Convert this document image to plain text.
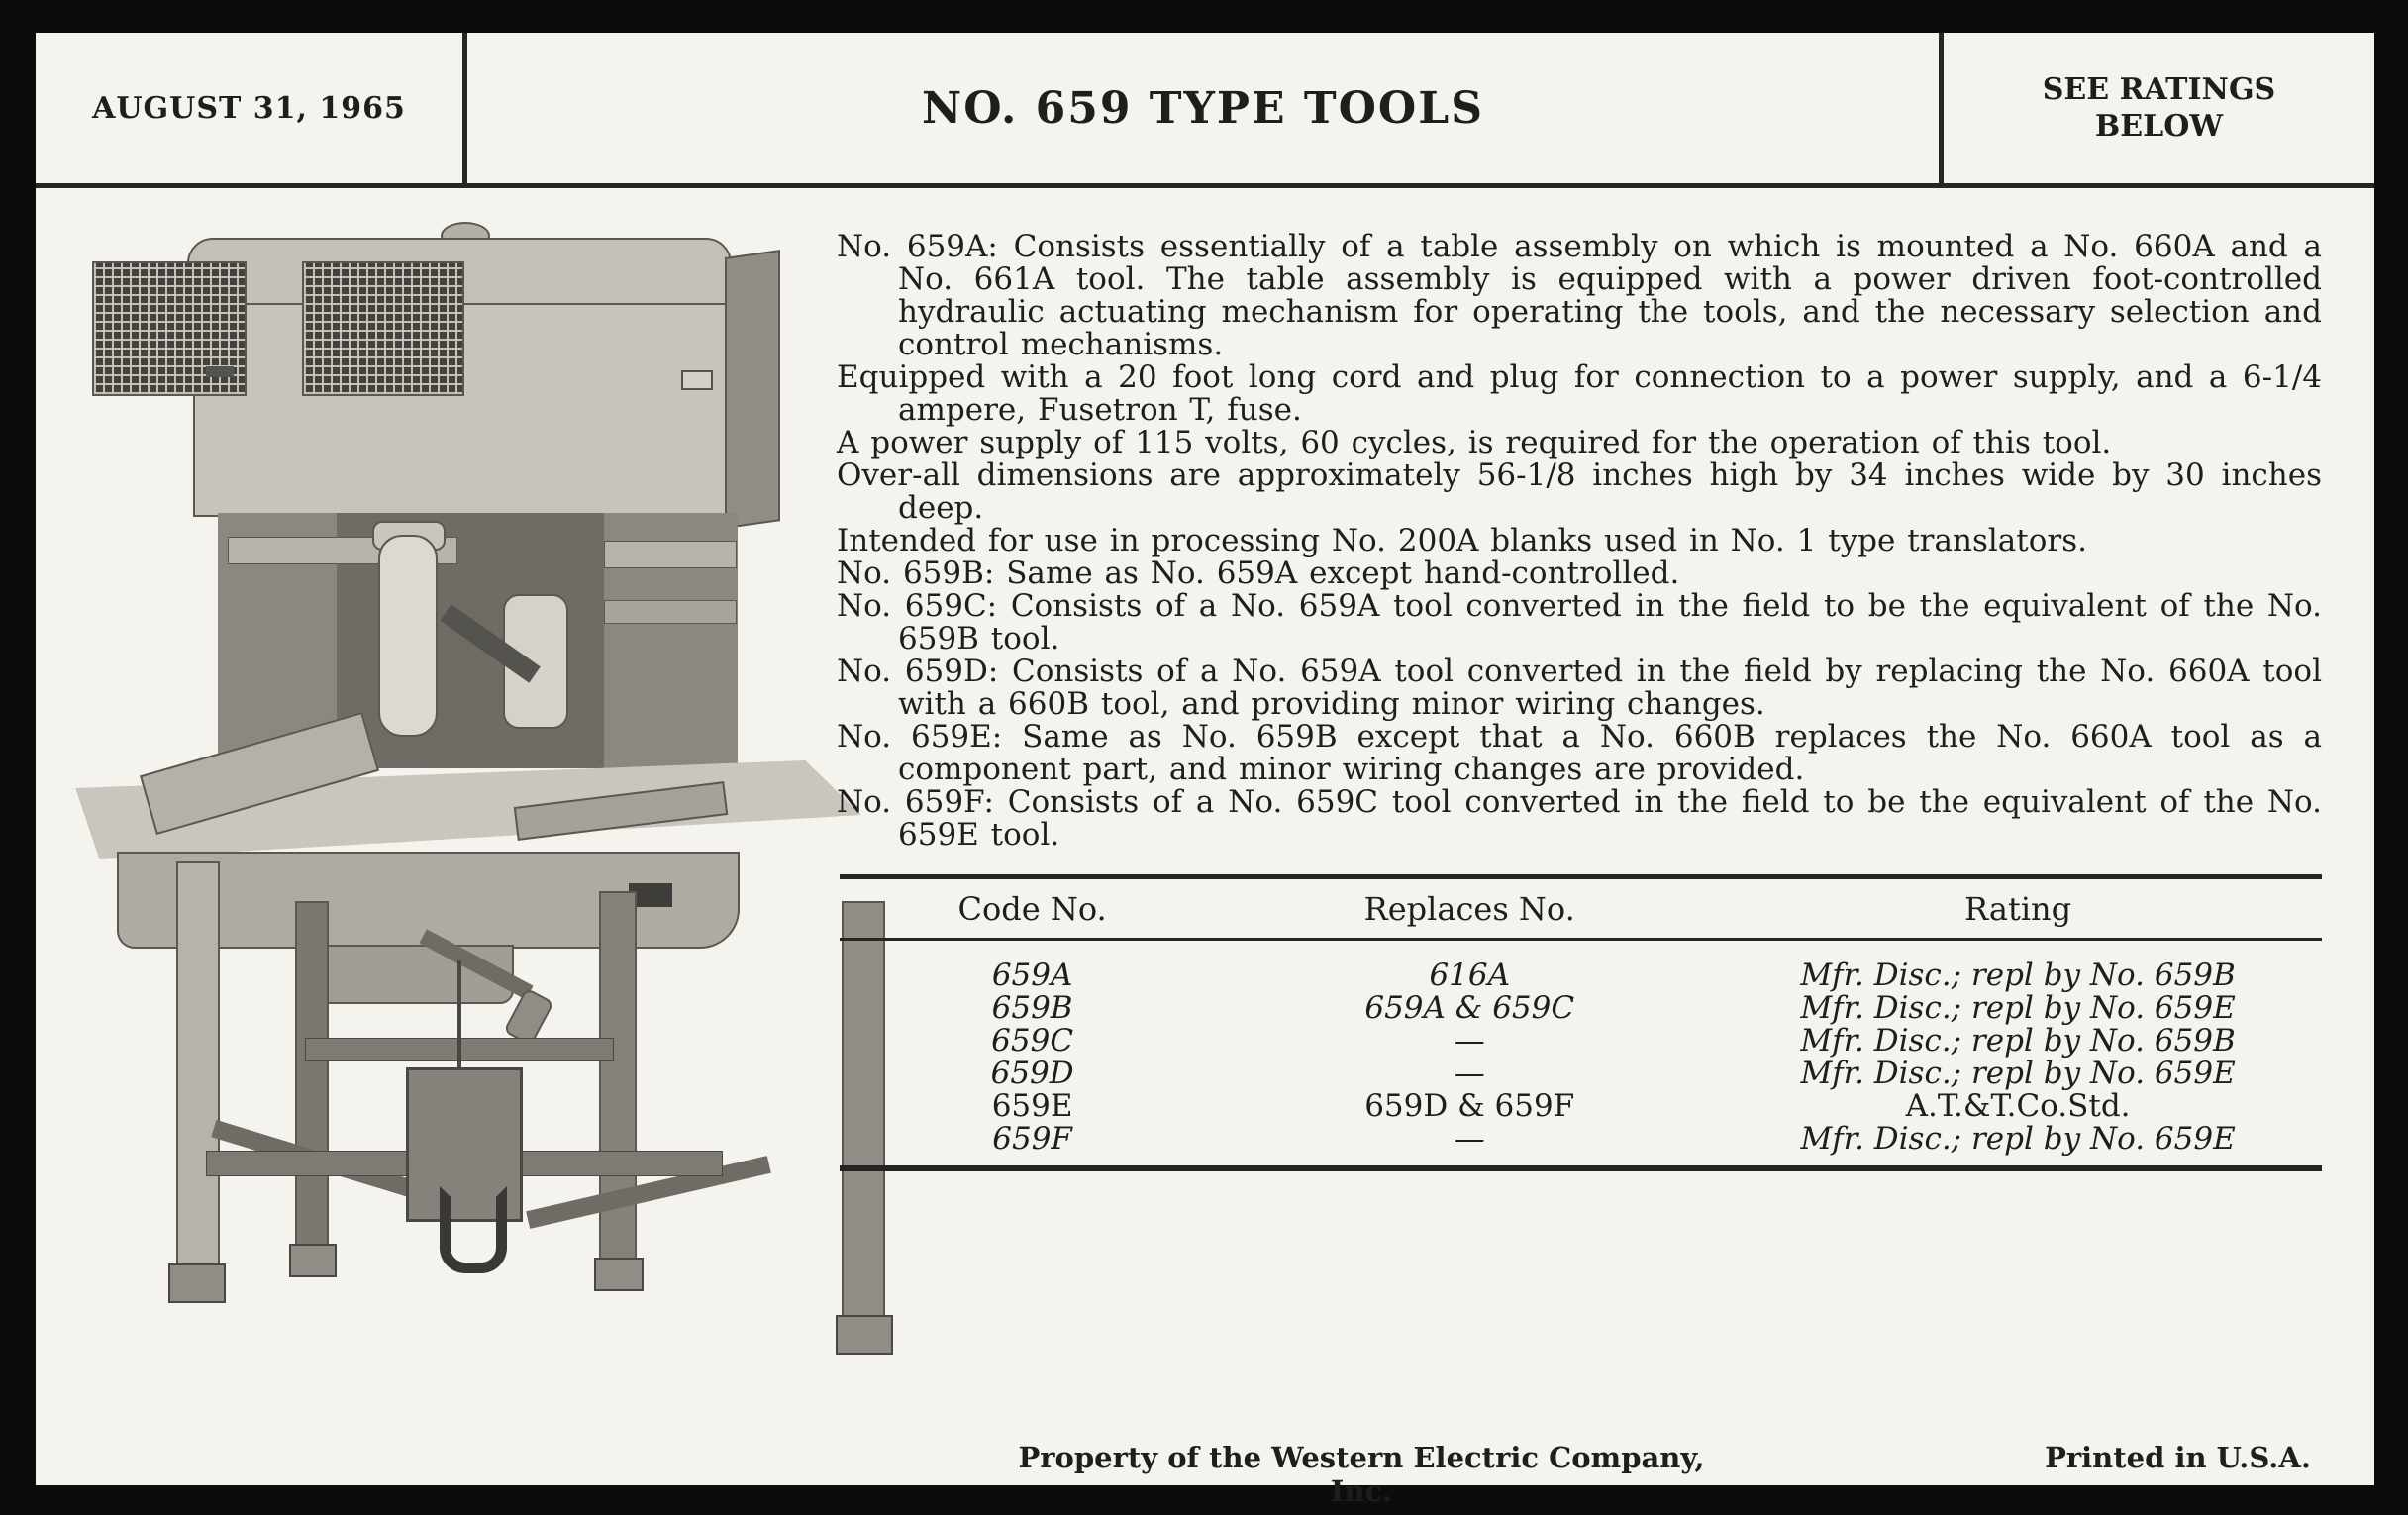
AUGUST 31, 1965	NO. 659 TYPE TOOLS	SEE RATINGS
BELOW

No. 659A: Consists essentially of a table assembly on which is mounted a No. 660A and a No. 661A tool. The table assembly is equipped with a power driven foot-controlled hydraulic actuating mechanism for operating the tools, and the necessary selection and control mechanisms.

Equipped with a 20 foot long cord and plug for connection to a power supply, and a 6-1/4 ampere, Fusetron T, fuse.

A power supply of 115 volts, 60 cycles, is required for the operation of this tool.

Over-all dimensions are approximately 56-1/8 inches high by 34 inches wide by 30 inches deep.

Intended for use in processing No. 200A blanks used in No. 1 type translators.

No. 659B: Same as No. 659A except hand-controlled.

No. 659C: Consists of a No. 659A tool converted in the field to be the equivalent of the No. 659B tool.

No. 659D: Consists of a No. 659A tool converted in the field by replacing the No. 660A tool with a 660B tool, and providing minor wiring changes.

No. 659E: Same as No. 659B except that a No. 660B replaces the No. 660A tool as a component part, and minor wiring changes are provided.

No. 659F: Consists of a No. 659C tool converted in the field to be the equivalent of the No. 659E tool.

Code No.	Replaces No.	Rating
659A	616A	Mfr. Disc.; repl by No. 659B
659B	659A & 659C	Mfr. Disc.; repl by No. 659E
659C	—	Mfr. Disc.; repl by No. 659B
659D	—	Mfr. Disc.; repl by No. 659E
659E	659D & 659F	A.T.&T.Co.Std.
659F	—	Mfr. Disc.; repl by No. 659E
Property of the Western Electric Company, Inc.
Printed in U.S.A.
